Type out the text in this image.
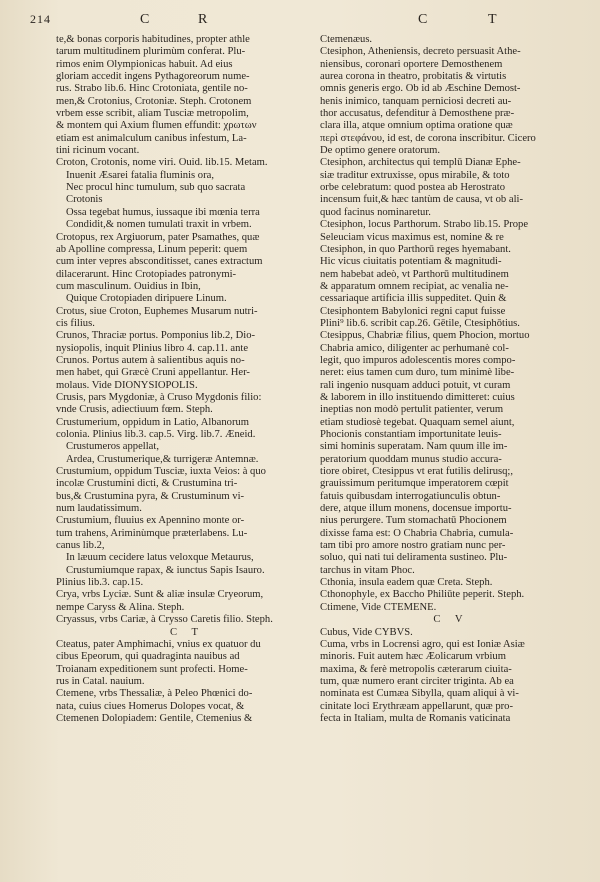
214	C	R	C	T
te,& bonas corporis habitudines, propter athle
tarum multitudinem plurimùm conferat. Plu-
rimos enim Olympionicas habuit. Ad eius
gloriam accedit ingens Pythagoreorum nume-
rus. Strabo lib.6. Hinc Crotoniata, gentile no-
men,& Crotonius, Crotoniæ. Steph. Crotonem
vrbem esse scribit, aliam Tusciæ metropolim,
& montem qui Axium flumen effundit: χρωτων
etiam est animalculum canibus infestum, La-
tini ricinum vocant.
Croton, Crotonis, nome viri. Ouid. lib.15. Metam.
Inuenit Æsarei fatalia fluminis ora,
Nec procul hinc tumulum, sub quo sacrata
Crotonis
Ossa tegebat humus, iussaque ibi mœnia terra
Condidit,& nomen tumulati traxit in vrbem.
Crotopus, rex Argiuorum, pater Psamathes, quæ
ab Apolline compressa, Linum peperit: quem
cum inter vepres absconditisset, canes extractum
dilacerarunt. Hinc Crotopiades patronymi-
cum masculinum. Ouidius in Ibin,
Quique Crotopiaden diripuere Linum.
Crotus, siue Croton, Euphemes Musarum nutri-
cis filius.
Crunos, Thraciæ portus. Pomponius lib.2, Dio-
nysiopolis, inquit Plinius libro 4. cap.11. ante
Crunos. Portus autem à salientibus aquis no-
men habet, qui Græcè Cruni appellantur. Her-
molaus. Vide DIONYSIOPOLIS.
Crusis, pars Mygdoniæ, à Cruso Mygdonis filio:
vnde Crusis, adiectiuum fœm. Steph.
Crustumerium, oppidum in Latio, Albanorum
colonia. Plinius lib.3. cap.5. Virg. lib.7. Æneid.
Crustumeros appellat,
Ardea, Crustumerique,& turrigeræ Antemnæ.
Crustumium, oppidum Tusciæ, iuxta Veios: à quo
incolæ Crustumini dicti, & Crustumina tri-
bus,& Crustumina pyra, & Crustuminum vi-
num laudatissimum.
Crustumium, fluuius ex Apennino monte or-
tum trahens, Ariminùmque præterlabens. Lu-
canus lib.2,
In læuum cecidere latus veloxque Metaurus,
Crustumiumque rapax, & iunctus Sapis Isauro.
Plinius lib.3. cap.15.
Crya, vrbs Lyciæ. Sunt & aliæ insulæ Cryeorum,
nempe Caryss & Alina. Steph.
Cryassus, vrbs Cariæ, à Crysso Caretis filio. Steph.
C T
Cteatus, pater Amphimachi, vnius ex quatuor du
cibus Epeorum, qui quadraginta nauibus ad
Troianam expeditionem sunt profecti. Home-
rus in Catal. nauium.
Ctemene, vrbs Thessaliæ, à Peleo Phœnici do-
nata, cuius ciues Homerus Dolopes vocat, &
Ctemenen Dolopiadem: Gentile, Ctemenius &
Ctemenæus.
Ctesiphon, Atheniensis, decreto persuasit Athe-
niensibus, coronari oportere Demosthenem
aurea corona in theatro, probitatis & virtutis
omnis generis ergo. Ob id ab Æschine Demost-
henis inimico, tanquam perniciosi decreti au-
thor accusatus, defenditur à Demosthene præ-
clara illa, atque omnium optima oratione quæ
περὶ στεφάνου, id est, de corona inscribitur. Cicero
De optimo genere oratorum.
Ctesiphon, architectus qui templū Dianæ Ephe-
siæ traditur extruxisse, opus mirabile, & toto
orbe celebratum: quod postea ab Herostrato
incensum fuit,& hæc tantùm de causa, vt ob ali-
quod facinus nominaretur.
Ctesiphon, locus Parthorum. Strabo lib.15. Prope
Seleuciam vicus maximus est, nomine & re
Ctesiphon, in quo Parthorū reges hyemabant.
Hic vicus ciuitatis potentiam & magnitudi-
nem habebat adeò, vt Parthorū multitudinem
& apparatum omnem recipiat, ac venalia ne-
cessariaque artificia illis suppeditet. Quin &
Ctesiphontem Babylonici regni caput fuisse
Plini⁹ lib.6. scribit cap.26. Gētile, Ctesiphōtius.
Ctesippus, Chabriæ filius, quem Phocion, mortuo
Chabria amico, diligenter ac perhumanè col-
legit, quo impuros adolescentis mores compo-
neret: eius tamen cum duro, tum minimè libe-
rali ingenio nusquam adduci potuit, vt curam
& laborem in illo instituendo dimitteret: cuius
ineptias non modò pertulit patienter, verum
etiam studiosè tegebat. Quaquam semel aiunt,
Phocionis constantiam importunitate leuis-
simi hominis superatam. Nam quum ille im-
peratorium quoddam munus studio accura-
tiore obiret, Ctesippus vt erat futilis delirusq;,
grauissimum peritumque imperatorem cœpit
fatuis quibusdam interrogatiunculis obtun-
dere, atque illum monens, docensue importu-
nius perurgere. Tum stomachatū Phocionem
dixisse fama est: O Chabria Chabria, cumula-
tam tibi pro amore nostro gratiam nunc per-
soluo, qui nati tui deliramenta sustineo. Plu-
tarchus in vitam Phoc.
Cthonia, insula eadem quæ Creta. Steph.
Cthonophyle, ex Baccho Philiūte peperit. Steph.
Ctimene, Vide CTEMENE.
C V
Cubus, Vide CYBVS.
Cuma, vrbs in Locrensi agro, qui est Ioniæ Asiæ
minoris. Fuit autem hæc Æolicarum vrbium
maxima, & ferè metropolis cæterarum ciuita-
tum, quæ numero erant circiter triginta. Ab ea
nominata est Cumæa Sibylla, quam aliqui à vi-
cinitate loci Erythræam appellarunt, quæ pro-
fecta in Italiam, multa de Romanis vaticinata
